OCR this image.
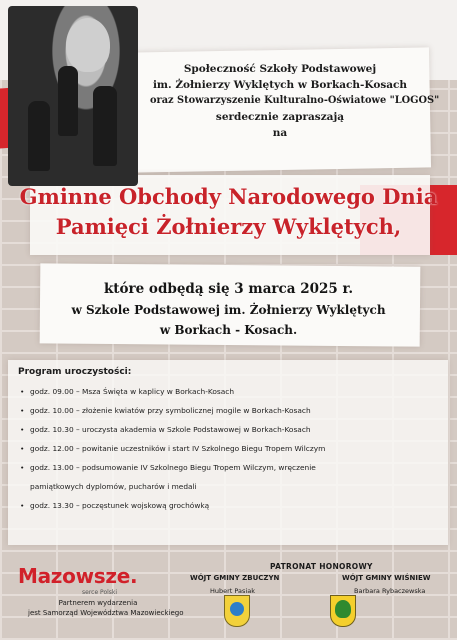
Społeczność Szkoły Podstawowej
im. Żołnierzy Wyklętych w Borkach-Kosach
oraz Stowarzyszenie Kulturalno-Oświatowe "LOGOS"
serdecznie zapraszają
na
Gminne Obchody Narodowego Dnia
Pamięci Żołnierzy Wyklętych,
które odbędą się 3 marca 2025 r.
w Szkole Podstawowej im. Żołnierzy Wyklętych
w Borkach - Kosach.
Program uroczystości:
• godz. 09.00 – Msza Święta w kaplicy w Borkach-Kosach
• godz. 10.00 – złożenie kwiatów przy symbolicznej mogile w Borkach-Kosach
• godz. 10.30 – uroczysta akademia w Szkole Podstawowej w Borkach-Kosach
• godz. 12.00 – powitanie uczestników i start IV Szkolnego Biegu Tropem Wilczym
• godz. 13.00 – podsumowanie IV Szkolnego Biegu Tropem Wilczym, wręczenie
pamiątkowych dyplomów, pucharów i medali
• godz. 13.30 – poczęstunek wojskową grochówką
Mazowsze.
serce Polski
Partnerem wydarzenia
jest Samorząd Województwa Mazowieckiego
PATRONAT HONOROWY
WÓJT GMINY ZBUCZYN
Hubert Pasiak
WÓJT GMINY WIŚNIEW
Barbara Rybaczewska
